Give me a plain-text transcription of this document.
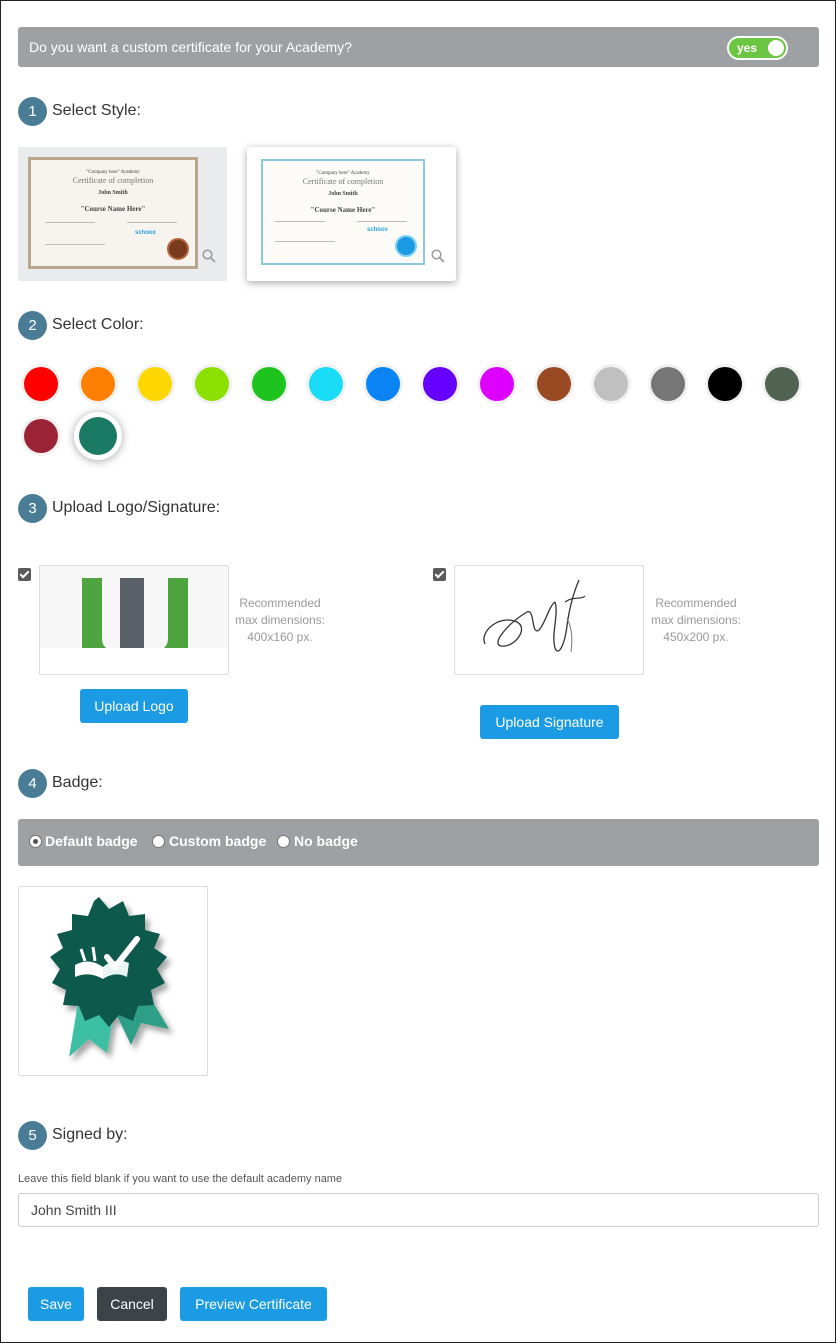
Do you want a custom certificate for your Academy?	yes
1 Select Style:
"Company here" Academy
Certificate of completion
John Smith
"Course Name Here"
schoox
"Company here" Academy
Certificate of completion
John Smith
"Course Name Here"
schoox
2 Select Color:
3 Upload Logo/Signature:
Recommended
max dimensions:
400x160 px.
Upload Logo
Recommended
max dimensions:
450x200 px.
Upload Signature
4 Badge:
Default badge Custom badge No badge
5 Signed by:
Leave this field blank if you want to use the default academy name
John Smith III
Save	Cancel	Preview Certificate
